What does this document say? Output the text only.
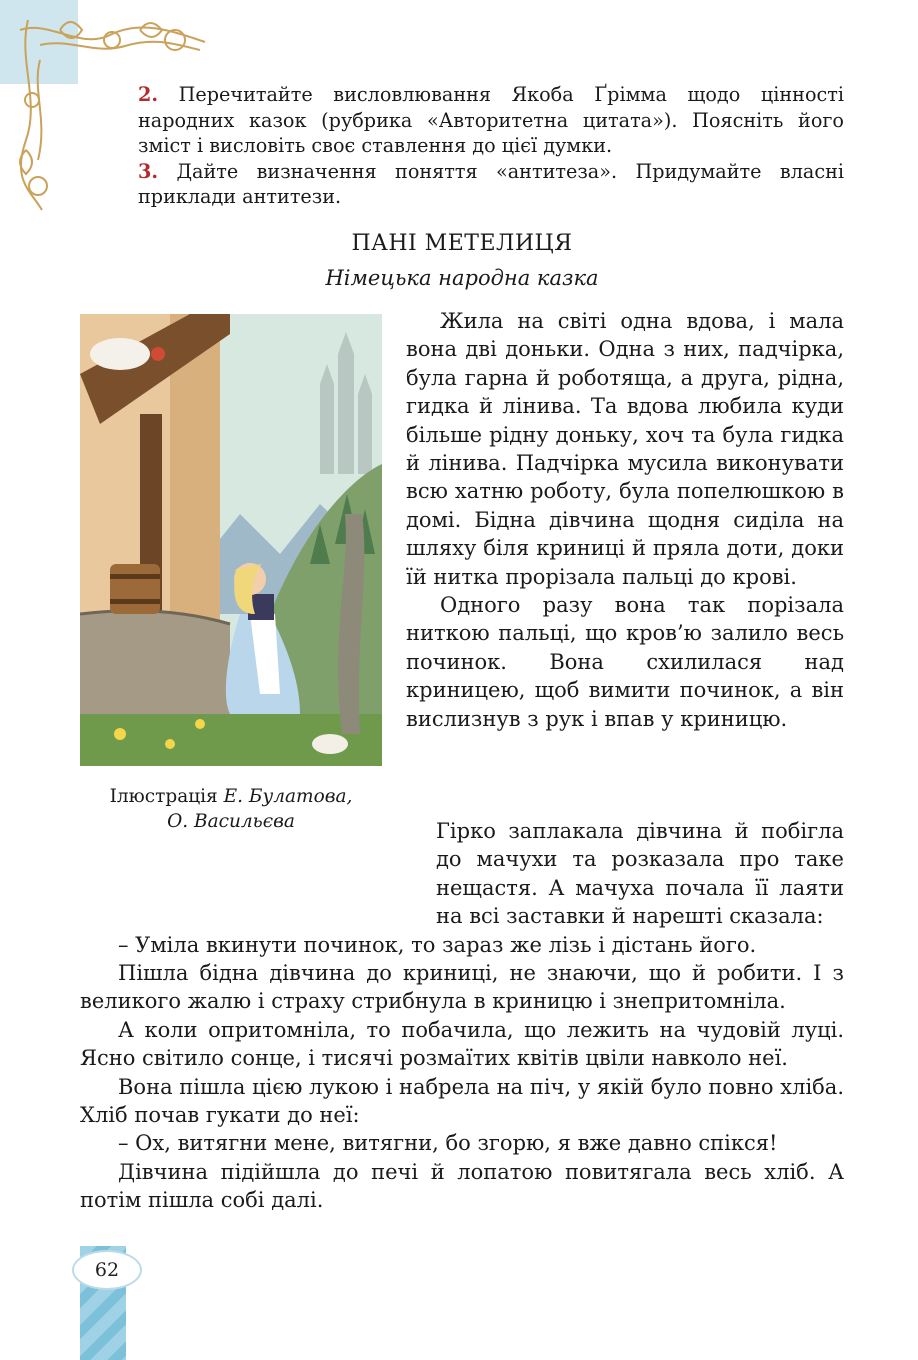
2. Перечитайте висловлювання Якоба Ґрімма щодо цінності народних казок (рубрика «Авторитетна цитата»). Поясніть його зміст і висловіть своє ставлення до цієї думки.

3. Дайте визначення поняття «антитеза». Придумайте власні приклади антитези.

ПАНІ МЕТЕЛИЦЯ
Німецька народна казка
Ілюстрація Е. Булатова,
О. Васильєва

Жила на світі одна вдова, і мала вона дві доньки. Одна з них, падчірка, була гарна й роботяща, а друга, рідна, гидка й лінива. Та вдова любила куди більше рідну доньку, хоч та була гидка й лінива. Падчірка мусила виконувати всю хатню роботу, була попелюшкою в домі. Бідна дівчина щодня сиділа на шляху біля криниці й пряла доти, доки їй нитка прорізала пальці до крові.

Одного разу вона так порізала ниткою пальці, що кров’ю залило весь починок. Вона схилилася над криницею, щоб вимити починок, а він вислизнув з рук і впав у криницю.

Гірко заплакала дівчина й побігла до мачухи та розказала про таке нещастя. А мачуха почала її лаяти на всі заставки й нарешті сказала:

– Уміла вкинути починок, то зараз же лізь і дістань його.

Пішла бідна дівчина до криниці, не знаючи, що й робити. І з великого жалю і страху стрибнула в криницю і знепритомніла.

А коли опритомніла, то побачила, що лежить на чудовій луці. Ясно світило сонце, і тисячі розмаїтих квітів цвіли навколо неї.

Вона пішла цією лукою і набрела на піч, у якій було повно хліба. Хліб почав гукати до неї:

– Ох, витягни мене, витягни, бо згорю, я вже давно спікся!

Дівчина підійшла до печі й лопатою повитягала весь хліб. А потім пішла собі далі.

62
